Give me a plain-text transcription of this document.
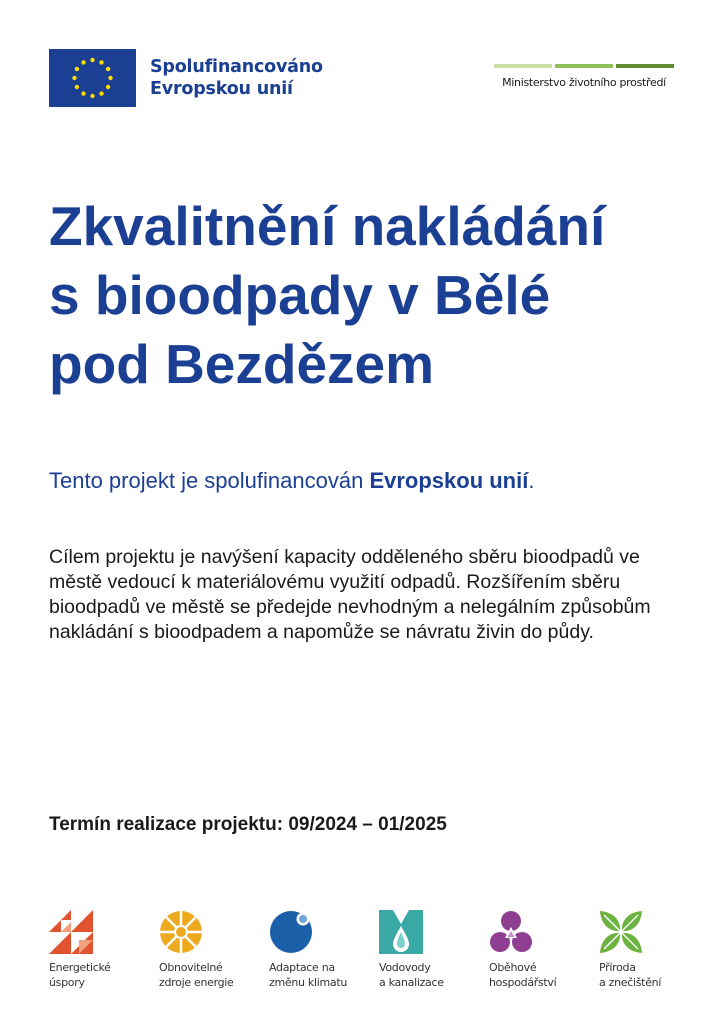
Spolufinancováno
Evropskou unií	Ministerstvo životního prostředí
Zkvalitnění nakládání
s bioodpady v Bělé
pod Bezdězem

Tento projekt je spolufinancován Evropskou unií.

Cílem projektu je navýšení kapacity odděleného sběru bioodpadů ve městě vedoucí k materiálovému využití odpadů. Rozšířením sběru bioodpadů ve městě se předejde nevhodným a nelegálním způsobům nakládání s bioodpadem a napomůže se návratu živin do půdy.

Termín realizace projektu: 09/2024 – 01/2025

Energetické
úspory
Obnovitelné
zdroje energie
Adaptace na
změnu klimatu
Vodovody
a kanalizace
Oběhové
hospodářství
Příroda
a znečištění
